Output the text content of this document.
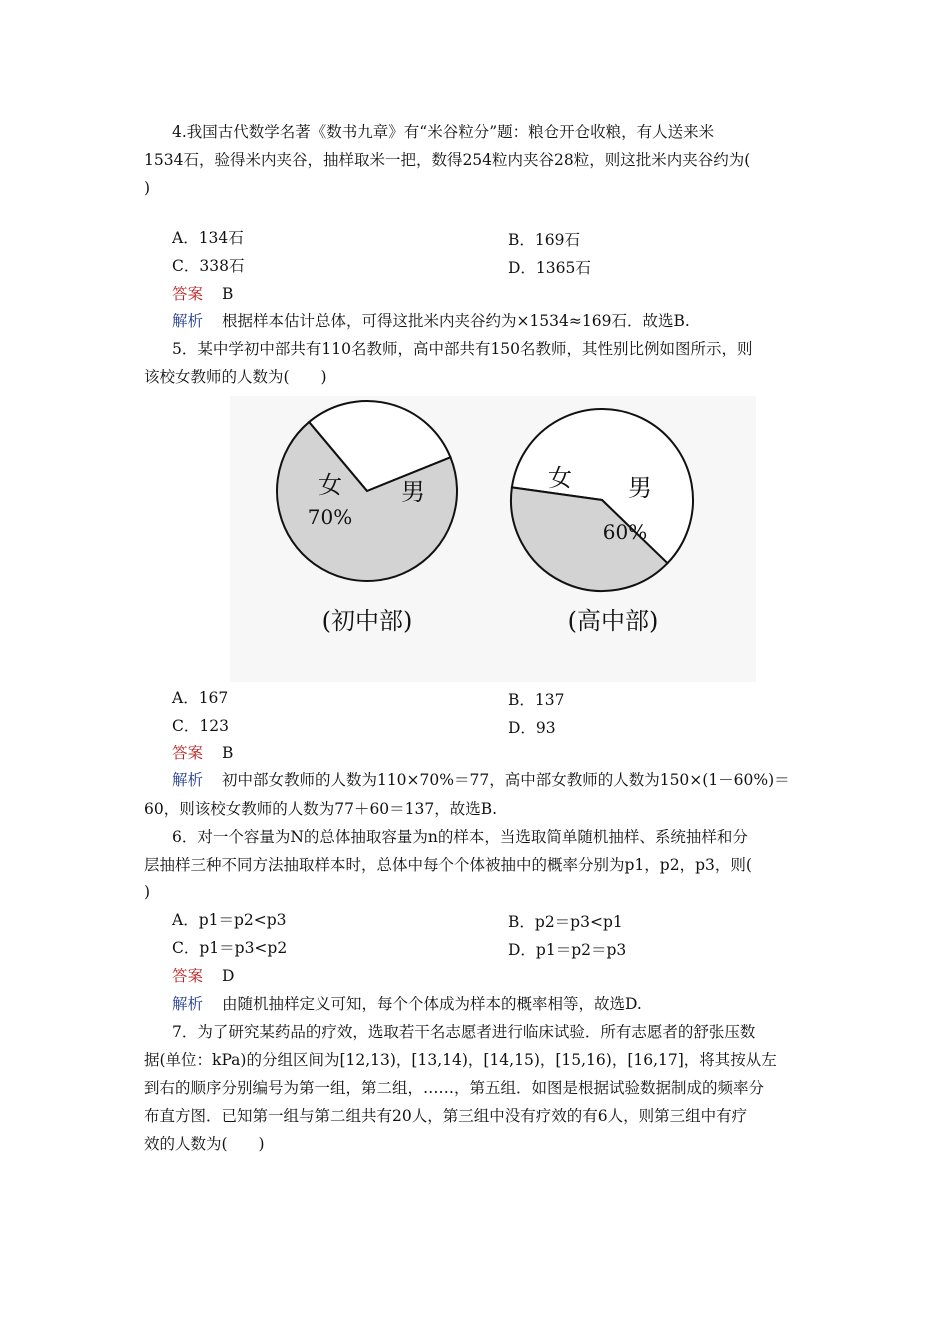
4.我国古代数学名著《数书九章》有“米谷粒分”题：粮仓开仓收粮，有人送来米
1534石，验得米内夹谷，抽样取米一把，数得254粒内夹谷28粒，则这批米内夹谷约为(
)
A．134石	B．169石
C．338石	D．1365石
答案 B
解析 根据样本估计总体，可得这批米内夹谷约为×1534≈169石．故选B.
5．某中学初中部共有110名教师，高中部共有150名教师，其性别比例如图所示，则
该校女教师的人数为(　　)
女 男
70%
(初中部)
女 男
60%
(高中部)
A．167	B．137
C．123	D．93
答案 B
解析 初中部女教师的人数为110×70%＝77，高中部女教师的人数为150×(1－60%)＝
60，则该校女教师的人数为77＋60＝137，故选B.
6．对一个容量为N的总体抽取容量为n的样本，当选取简单随机抽样、系统抽样和分
层抽样三种不同方法抽取样本时，总体中每个个体被抽中的概率分别为p1，p2，p3，则(
)
A．p1＝p2<p3	B．p2＝p3<p1
C．p1＝p3<p2	D．p1＝p2＝p3
答案 D
解析 由随机抽样定义可知，每个个体成为样本的概率相等，故选D.
7．为了研究某药品的疗效，选取若干名志愿者进行临床试验．所有志愿者的舒张压数
据(单位：kPa)的分组区间为[12,13)，[13,14)，[14,15)，[15,16)，[16,17]，将其按从左
到右的顺序分别编号为第一组，第二组，……，第五组．如图是根据试验数据制成的频率分
布直方图．已知第一组与第二组共有20人，第三组中没有疗效的有6人，则第三组中有疗
效的人数为(　　)
